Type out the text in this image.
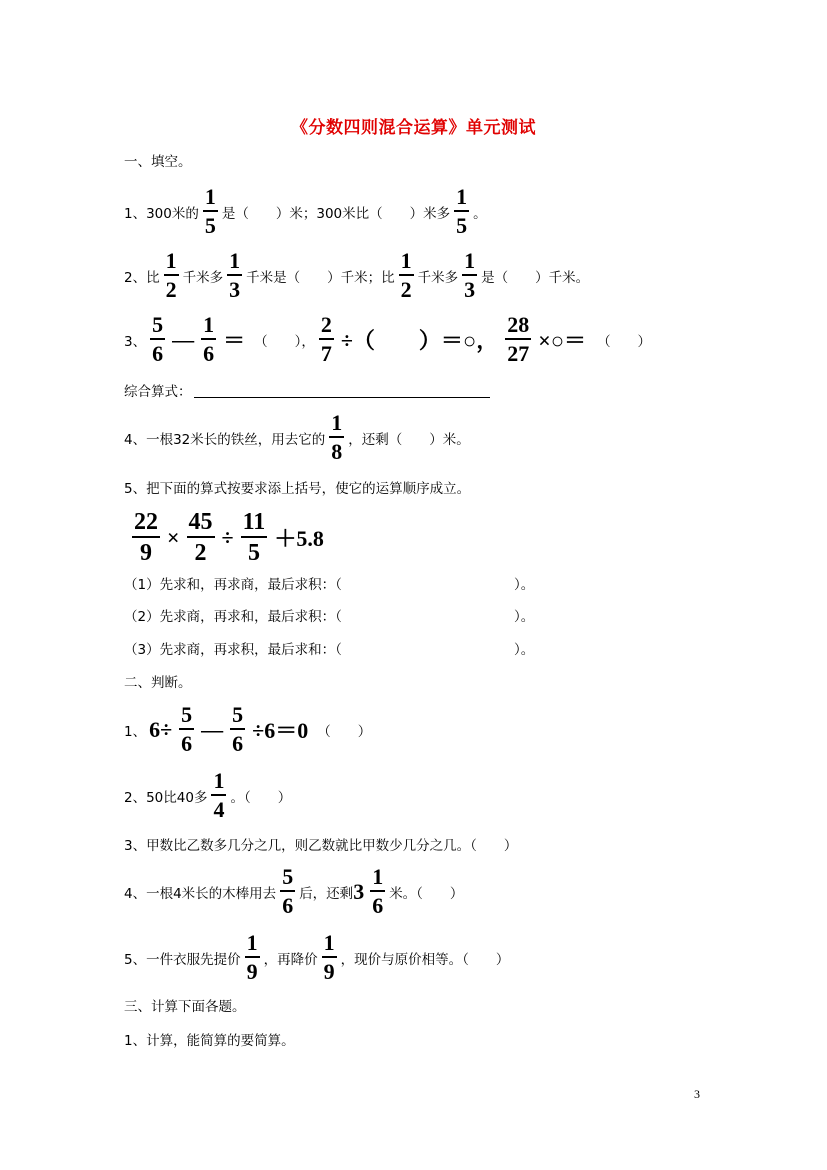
《分数四则混合运算》单元测试
一、填空。
1、300米的 $\frac{1}{5}$ 是（　　）米；300米比（　　）米多 $\frac{1}{5}$ 。
2、比 $\frac{1}{2}$ 千米多 $\frac{1}{3}$ 千米是（　　）千米；比 $\frac{1}{2}$ 千米多 $\frac{1}{3}$ 是（　　）千米。
3、 $\frac{5}{6}$ — $\frac{1}{6}$ ＝ （　　）， $\frac{2}{7}$ ÷（　　）＝○， $\frac{28}{27}$ ×○＝ （　　）
综合算式：
4、一根32米长的铁丝，用去它的 $\frac{1}{8}$ ，还剩（　　）米。
5、把下面的算式按要求添上括号，使它的运算顺序成立。
$\frac{22}{9} \times \frac{45}{2} \div \frac{11}{5} +5.8$
（1）先求和，再求商，最后求积：（	）。
（2）先求商，再求和，最后求积：（	）。
（3）先求商，再求积，最后求和：（	）。
二、判断。
1、 $6\div \frac{5}{6}$ — $\frac{5}{6} \div 6=0$ （　　）
2、50比40多 $\frac{1}{4}$ 。（　　）
3、甲数比乙数多几分之几，则乙数就比甲数少几分之几。（　　）
4、一根4米长的木棒用去 $\frac{5}{6}$ 后，还剩 $3 \frac{1}{6}$ 米。（　　）
5、一件衣服先提价 $\frac{1}{9}$ ，再降价 $\frac{1}{9}$ ，现价与原价相等。（　　）
三、计算下面各题。
1、计算，能简算的要简算。
3
